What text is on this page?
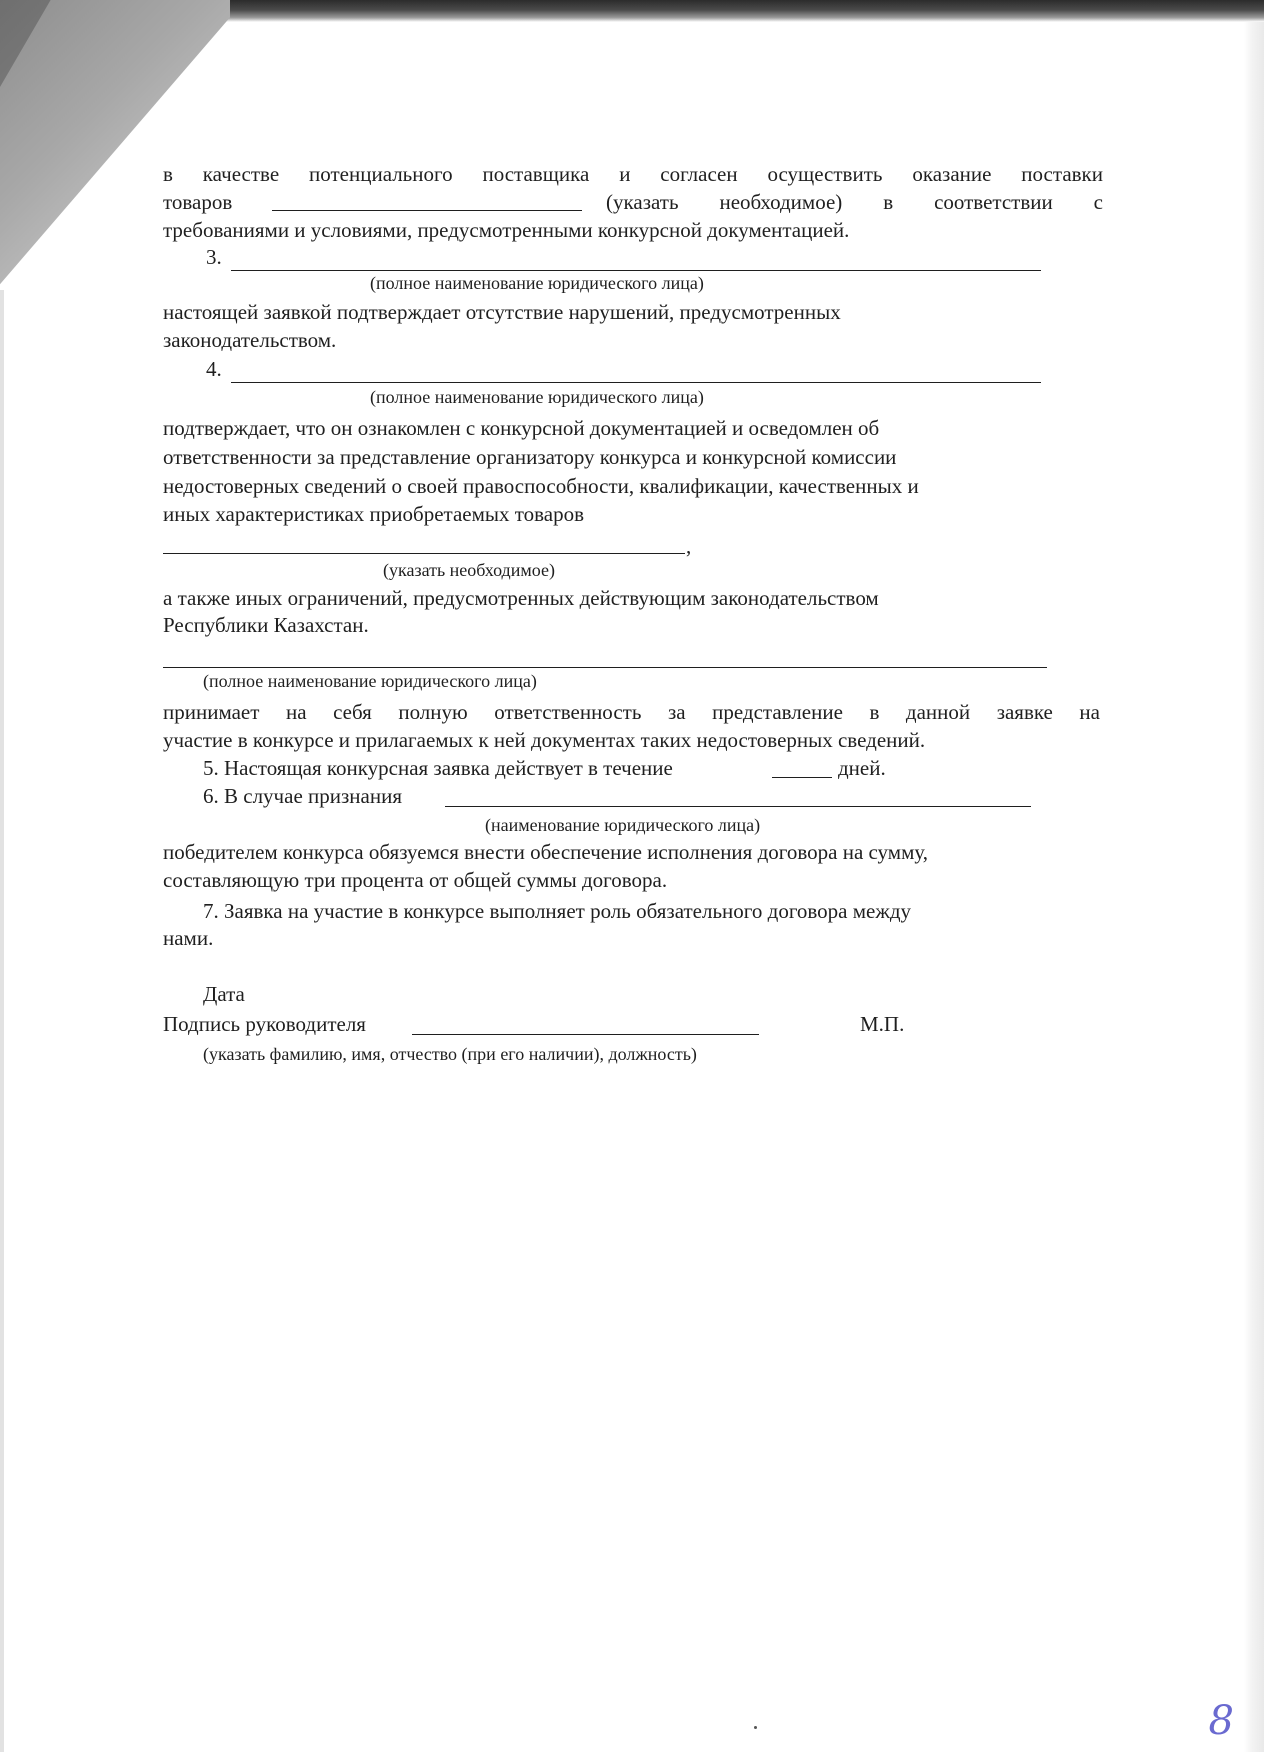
в качестве потенциального поставщика и согласен осуществить оказание поставки
товаров	(указать необходимое) в соответствии с
требованиями и условиями, предусмотренными конкурсной документацией.
3.
(полное наименование юридического лица)
настоящей заявкой подтверждает отсутствие нарушений, предусмотренных
законодательством.
4.
(полное наименование юридического лица)
подтверждает, что он ознакомлен с конкурсной документацией и осведомлен об
ответственности за представление организатору конкурса и конкурсной комиссии
недостоверных сведений о своей правоспособности, квалификации, качественных и
иных характеристиках приобретаемых товаров
,
(указать необходимое)
а также иных ограничений, предусмотренных действующим законодательством
Республики Казахстан.
(полное наименование юридического лица)
принимает на себя полную ответственность за представление в данной заявке на
участие в конкурсе и прилагаемых к ней документах таких недостоверных сведений.
5. Настоящая конкурсная заявка действует в течение	дней.
6. В случае признания
(наименование юридического лица)
победителем конкурса обязуемся внести обеспечение исполнения договора на сумму,
составляющую три процента от общей суммы договора.
7. Заявка на участие в конкурсе выполняет роль обязательного договора между
нами.
Дата
Подпись руководителя	М.П.
(указать фамилию, имя, отчество (при его наличии), должность)
8
